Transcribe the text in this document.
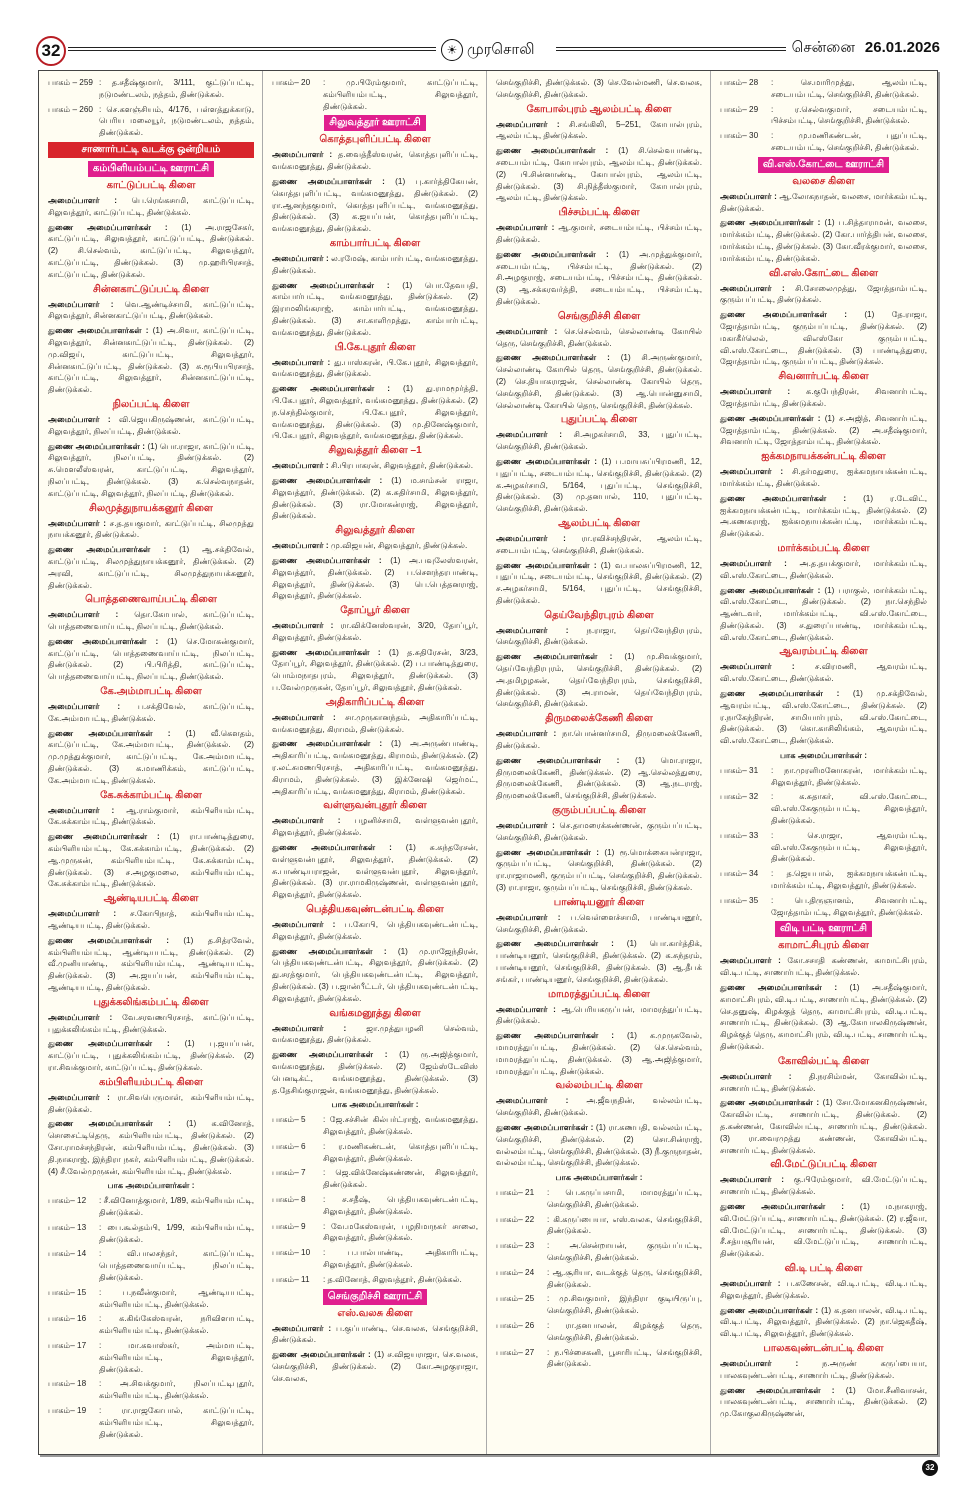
32	☀ முரசொலி	சென்னை 26.01.2026
பாகம் – 259 : த.சதீஷ்குமார், 3/111, குட்டுப்பட்டி, நடுமண்டலம், நத்தம், திண்டுக்கல்.
பாகம் – 260 : செ.களஞ்சியம், 4/176, பள்ளத்துக்காடு, பெரிய மலையூர், நடுமண்டலம், நத்தம், திண்டுக்கல்.
சாணார்பட்டி வடக்கு ஒன்றியம்
கம்பிளியம்பட்டி ஊராட்சி
காட்டுப்பட்டி கிளை
அமைப்பாளர் : பெ.ரெங்கசாமி, காட்டுப்பட்டி, சிலுவத்தூர், காட்டுப்பட்டி, திண்டுக்கல்.
துணை அமைப்பாளர்கள் : (1) அ.ராஜசேகர், காட்டுப்பட்டி, சிலுவத்தூர், காட்டுப்பட்டி, திண்டுக்கல். (2) சி.செல்வம், காட்டுப்பட்டி, சிலுவத்தூர், காட்டுப்பட்டி, திண்டுக்கல். (3) மு.ஹரிபிரசாத், காட்டுப்பட்டி, திண்டுக்கல்.
சின்னகாட்டுப்பட்டி கிளை
அமைப்பாளர் : வெ.ஆண்டிச்சாமி, காட்டுப்பட்டி, சிலுவத்தூர், சின்னகாட்டுப்பட்டி, திண்டுக்கல்.
துணை அமைப்பாளர்கள் : (1) அ.சிவா, காட்டுப்பட்டி, சிலுவத்தூர், சின்னகாட்டுப்பட்டி, திண்டுக்கல். (2) மு.விஜய், காட்டுப்பட்டி, சிலுவத்தூர், சின்னகாட்டுப்பட்டி, திண்டுக்கல். (3) சு.ரூபியபிரசாத், காட்டுப்பட்டி, சிலுவத்தூர், சின்னகாட்டுப்பட்டி, திண்டுக்கல்.
நிலப்பட்டி கிளை
அமைப்பாளர் : வி.ஜெயகிருஷ்ணன், காட்டுப்பட்டி, சிலுவத்தூர், நிலப்பட்டி, திண்டுக்கல்.
துணை அமைப்பாளர்கள் : (1) பொ.ராஜா, காட்டுப்பட்டி, சிலுவத்தூர், நிலப்பட்டி, திண்டுக்கல். (2) சு.மௌலீஸ்வரன், காட்டுப்பட்டி, சிலுவத்தூர், நிலப்பட்டி, திண்டுக்கல். (3) க.செல்வநாதன், காட்டுப்பட்டி, சிலுவத்தூர், நிலப்பட்டி, திண்டுக்கல்.
சிலமுத்துநாயக்கனூர் கிளை
அமைப்பாளர் : ச.த.தயகுமார், காட்டுப்பட்டி, சிலமுத்து நாயக்கனூர், திண்டுக்கல்.
துணை அமைப்பாளர்கள் : (1) ஆ.சக்திவேல், காட்டுப்பட்டி, சிலமுத்துநாயக்கனூர், திண்டுக்கல். (2) அரவி, காட்டுப்பட்டி, சிலமுத்துநாயக்கனூர், திண்டுக்கல்.
பொத்தணைவாய்பட்டி கிளை
அமைப்பாளர் : தொ.கோபால், காட்டுப்பட்டி, பொத்தணைவாய்பட்டி, நிலப்பட்டி, திண்டுக்கல்.
துணை அமைப்பாளர்கள் : (1) செ.மோகன்குமார், காட்டுப்பட்டி, பொத்தணைவாய்பட்டி, நிலப்பட்டி, திண்டுக்கல். (2) பி.பிரித்தி, காட்டுப்பட்டி, பொத்தணைவாய்பட்டி, நிலப்பட்டி, திண்டுக்கல்.
கே.அம்மாபட்டி கிளை
அமைப்பாளர் : ப.சக்திவேல், காட்டுப்பட்டி, கே.அம்மாபட்டி, திண்டுக்கல்.
துணை அமைப்பாளர்கள் : (1) வீ.கௌதம், காட்டுப்பட்டி, கே.அம்மாபட்டி, திண்டுக்கல். (2) மு.முத்துக்குமார், காட்டுப்பட்டி, கே.அம்மாபட்டி, திண்டுக்கல். (3) க.மாணிக்கம், காட்டுப்பட்டி, கே.அம்மாபட்டி, திண்டுக்கல்.
கே.சுக்காம்பட்டி கிளை
அமைப்பாளர் : ஆ.ராம்குமார், கம்பிளியம்பட்டி, கே.சுக்காம்பட்டி, திண்டுக்கல்.
துணை அமைப்பாளர்கள் : (1) ரா.பாண்டித்துரை, கம்பிளியம்பட்டி, கே.சுக்காம்பட்டி, திண்டுக்கல். (2) ஆ.முருகன், கம்பிளியம்பட்டி, கே.சுக்காம்பட்டி, திண்டுக்கல். (3) ச.அழகுமலை, கம்பிளியம்பட்டி, கே.சுக்காம்பட்டி, திண்டுக்கல்.
ஆண்டியபட்டி கிளை
அமைப்பாளர் : ச.கோபிநாத், கம்பிளியம்பட்டி, ஆண்டியபட்டி, திண்டுக்கல்.
துணை அமைப்பாளர்கள் : (1) த.சித்ரவேல், கம்பிளியம்பட்டி, ஆண்டியபட்டி, திண்டுக்கல். (2) வீ.முனியாண்டி, கம்பிளியம்பட்டி, ஆண்டியபட்டி, திண்டுக்கல். (3) அ.ஜயப்பன், கம்பிளியம்பட்டி, ஆண்டியபட்டி, திண்டுக்கல்.
புதுக்கலிங்கம்பட்டி கிளை
அமைப்பாளர் : வே.சரவணபிரசாத், காட்டுப்பட்டி, புதுக்கலிங்கம்பட்டி, திண்டுக்கல்.
துணை அமைப்பாளர்கள் : (1) பு.ஜயப்பன், காட்டுப்பட்டி, புதுக்கலிங்கம்பட்டி, திண்டுக்கல். (2) ரா.சிவக்குமார், காட்டுப்பட்டி, திண்டுக்கல்.
கம்பிளியம்பட்டி கிளை
அமைப்பாளர் : ரா.சிவபெருமாள், கம்பிளியம்பட்டி, திண்டுக்கல்.
துணை அமைப்பாளர்கள் : (1) க.வினோத், சொசைட்டிதெரு, கம்பிளியம்பட்டி, திண்டுக்கல். (2) சோ.ராமச்சந்திரன், கம்பிளியம்பட்டி, திண்டுக்கல். (3) தி.நாகராஜ், இந்திரா நகர், கம்பிளியம்பட்டி, திண்டுக்கல். (4) சீ.வேல்முருகன், கம்பிளியம்பட்டி, திண்டுக்கல்.
பாக அமைப்பாளர்கள் :
பாகம்– 12	: சீ.வினோத்குமார், 1/89, கம்பிளியம்பட்டி, திண்டுக்கல்.
பாகம்– 13	: பை.கூல்தம்பி, 1/99, கம்பிளியம்பட்டி, திண்டுக்கல்.
பாகம்– 14	: வி.பாலசந்தர், காட்டுப்பட்டி, பொத்தணைவாய்பட்டி, நிலப்பட்டி, திண்டுக்கல்.
பாகம்– 15	: ப.நவீன்குமார், ஆண்டியபட்டி, கம்பிளியம்பட்டி, திண்டுக்கல்.
பாகம்– 16	: க.கிங்கேஸ்வரன், நரிவிளாபட்டி, கம்பிளியம்பட்டி, திண்டுக்கல்.
பாகம்– 17	: மா.கவாஸ்கர், அம்மாபட்டி, கம்பிளியம்பட்டி, சிலுவத்தூர், திண்டுக்கல்.
பாகம்– 18	: அ.சிவக்குமார், நிலப்பட்டிபுதூர், கம்பிளியம்பட்டி, திண்டுக்கல்.
பாகம்– 19	: ரா.ராஜகோபால், காட்டுப்பட்டி, கம்பிளியம்பட்டி, சிலுவத்தூர், திண்டுக்கல்.
பாகம்– 20	: மு.பிரேம்குமார், காட்டுப்பட்டி, கம்பிளியம்பட்டி, சிலுவத்தூர், திண்டுக்கல்.
சிலுவத்தூர் ஊராட்சி
கொத்தபுளிப்பட்டி கிளை
அமைப்பாளர் : த.வைத்தீஸ்வரன், கொத்தபுளிப்பட்டி, வங்கமனூத்து, திண்டுக்கல்.
துணை அமைப்பாளர்கள் : (1) பு.கார்த்திகேயன், கொத்தபுளிப்பட்டி, வங்கமனூத்து, திண்டுக்கல். (2) ரா.ஆனந்தகுமார், கொத்தபுளிப்பட்டி, வங்கமனூத்து, திண்டுக்கல். (3) க.ஜயப்பன், கொத்தபுளிப்பட்டி, வங்கமனூத்து, திண்டுக்கல்.
காம்பார்பட்டி கிளை
அமைப்பாளர் : ல.ரமேஷ், காம்பார்பட்டி, வங்கமனூத்து, திண்டுக்கல்.
துணை அமைப்பாளர்கள் : (1) பொ.தேவபதி, காம்பார்பட்டி, வங்கமனூத்து, திண்டுக்கல். (2) இராமலிங்கராஜ், காம்பார்பட்டி, வங்கமனூத்து, திண்டுக்கல். (3) சா.காளிமுத்து, காம்பார்பட்டி, வங்கமனூத்து, திண்டுக்கல்.
பி.கே.புதூர் கிளை
அமைப்பாளர் : து.பாஸ்கரன், பி.கே.புதூர், சிலுவத்தூர், வங்கமனூத்து, திண்டுக்கல்.
துணை அமைப்பாளர்கள் : (1) து.ராமமூர்த்தி, பி.கே.புதூர், சிலுவத்தூர், வங்கமனூத்து, திண்டுக்கல். (2) ந.செந்தில்குமார், பி.கே.புதூர், சிலுவத்தூர், வங்கமனூத்து, திண்டுக்கல். (3) மு.தினேஷ்குமார், பி.கே.புதூர், சிலுவத்தூர், வங்கமனூத்து, திண்டுக்கல்.
சிலுவத்தூர் கிளை –1
அமைப்பாளர் : சி.பிரபாகரன், சிலுவத்தூர், திண்டுக்கல்.
துணை அமைப்பாளர்கள் : (1) ம.சாம்சன் ராஜா, சிலுவத்தூர், திண்டுக்கல். (2) க.சுதிர்சாமி, சிலுவத்தூர், திண்டுக்கல். (3) ரா.மோகன்ராஜ், சிலுவத்தூர், திண்டுக்கல்.
சிலுவத்தூர் கிளை
அமைப்பாளர் : மு.விஜயன், சிலுவத்தூர், திண்டுக்கல்.
துணை அமைப்பாளர்கள் : (1) அ.பவுலேஸ்வரன், சிலுவத்தூர், திண்டுக்கல். (2) ப.சௌந்தரபாண்டி, சிலுவத்தூர், திண்டுக்கல். (3) பெ.பெத்தனராஜ், சிலுவத்தூர், திண்டுக்கல்.
தோப்பூர் கிளை
அமைப்பாளர் : ரா.விக்னேஸ்வரன், 3/20, தோப்பூர், சிலுவத்தூர், திண்டுக்கல்.
துணை அமைப்பாளர்கள் : (1) த.சுதிரேசன், 3/23, தோப்பூர், சிலுவத்தூர், திண்டுக்கல். (2) ப.பாண்டித்துரை, பொம்மநாதபுரம், சிலுவத்தூர், திண்டுக்கல். (3) ப.வேல்முருகன், தோப்பூர், சிலுவத்தூர், திண்டுக்கல்.
அதிகாரிப்பட்டி கிளை
அமைப்பாளர் : சா.முருகானந்தம், அதிகாரிப்பட்டி, வங்கமனூத்து, கிராமம், திண்டுக்கல்.
துணை அமைப்பாளர்கள் : (1) அ.அருண்பாண்டி, அதிகாரிப்பட்டி, வங்கமனூத்து, கிராமம், திண்டுக்கல். (2) ர.லட்சுமணபிரசாத், அதிகாரிப்பட்டி, வங்கமனூத்து, கிராமம், திண்டுக்கல். (3) இக்னேஷி ஜெர்மட், அதிகாரிப்பட்டி, வங்கமனூத்து, கிராமம், திண்டுக்கல்.
வள்ளுவன்புதூர் கிளை
அமைப்பாளர் : பழனிச்சாமி, வள்ளுவன்புதூர், சிலுவத்தூர், திண்டுக்கல்.
துணை அமைப்பாளர்கள் : (1) சு.சுந்தரேசன், வள்ளுவன்புதூர், சிலுவத்தூர், திண்டுக்கல். (2) சு.பாண்டியராஜன், வள்ளுவன்புதூர், சிலுவத்தூர், திண்டுக்கல். (3) ரா.ராமகிருஷ்ணன், வள்ளுவன்புதூர், சிலுவத்தூர், திண்டுக்கல்.
பெத்தியகவுண்டன்பட்டி கிளை
அமைப்பாளர் : ப.கோபி, பெத்தியகவுண்டன்பட்டி, சிலுவத்தூர், திண்டுக்கல்.
துணை அமைப்பாளர்கள் : (1) மு.ராஜேந்திரன், பெத்தியகவுண்டன்பட்டி, சிலுவத்தூர், திண்டுக்கல். (2) து.சரத்குமார், பெத்தியகவுண்டன்பட்டி, சிலுவத்தூர், திண்டுக்கல். (3) ப.ஜான்பீட்டர், பெத்தியகவுண்டன்பட்டி, சிலுவத்தூர், திண்டுக்கல்.
வங்கமனூத்து கிளை
அமைப்பாளர் : ஜா.முத்துபழனி செல்வம், வங்கமனூத்து, திண்டுக்கல்.
துணை அமைப்பாளர்கள் : (1) ரு.அஜித்குமார், வங்கமனூத்து, திண்டுக்கல். (2) ஜேம்ஸ்டேவிஸ் பெனடிக்ட், வங்கமனூத்து, திண்டுக்கல். (3) த.தேசிங்குராஜன், வங்கமனூத்து, திண்டுக்கல்.
பாக அமைப்பாளர்கள் :
பாகம்– 5	: ஜே.சச்சின் கில்பர்ட்ராஜ், வங்கமனூத்து, சிலுவத்தூர், திண்டுக்கல்.
பாகம்– 6	: ர.மணிகண்டன், கொத்தபுளிப்பட்டி, சிலுவத்தூர், திண்டுக்கல்.
பாகம்– 7	: ஜெ.விக்னேஷ்கண்ணன், சிலுவத்தூர், திண்டுக்கல்.
பாகம்– 8	: ச.சதீஷ், பெத்தியகவுண்டன்பட்டி, சிலுவத்தூர், திண்டுக்கல்.
பாகம்– 9	: வே.மகேஸ்வரன், பழநிமாநகர் சாலை, சிலுவத்தூர், திண்டுக்கல்.
பாகம்– 10	: ப.பால்பாண்டி, அதிகாரிபட்டி, சிலுவத்தூர், திண்டுக்கல்.
பாகம்– 11	: த.வினோத், சிலுவத்தூர், திண்டுக்கல்.
செங்குறிச்சி ஊராட்சி
எஸ்.வலசு கிளை
அமைப்பாளர் : ப.குப்பாண்டி, செ.வலசு, செங்குறிச்சி, திண்டுக்கல்.
துணை அமைப்பாளர்கள் : (1) ச.விஜயராஜா, செ.வலசு, செங்குறிச்சி, திண்டுக்கல். (2) கோ.அழகுராஜா, செ.வலசு,
செங்குறிச்சி, திண்டுக்கல். (3) செ.வேல்மணி, செ.வலசு, செங்குறிச்சி, திண்டுக்கல்.
கோபால்புரம் ஆலம்பட்டி கிளை
அமைப்பாளர் : சி.சங்கிலி, 5–251, கோபால்புரம், ஆலம்பட்டி, திண்டுக்கல்.
துணை அமைப்பாளர்கள் : (1) சி.செல்வபாண்டி, சடையம்பட்டி, கோபால்புரம், ஆலம்பட்டி, திண்டுக்கல். (2) பி.சின்னாண்டி, கோபால்புரம், ஆலம்பட்டி, திண்டுக்கல். (3) சி.நித்தீஸ்குமார், கோபால்புரம், ஆலம்பட்டி, திண்டுக்கல்.
பிச்சம்பட்டி கிளை
அமைப்பாளர் : ஆ.குமார், சடையம்பட்டி, பிச்சம்பட்டி, திண்டுக்கல்.
துணை அமைப்பாளர்கள் : (1) அ.முத்துக்குமார், சடையம்பட்டி, பிச்சம்பட்டி, திண்டுக்கல். (2) சி.அழகுராஜ், சடையம்பட்டி, பிச்சம்பட்டி, திண்டுக்கல். (3) ஆ.சக்கரவர்த்தி, சடையம்பட்டி, பிச்சம்பட்டி, திண்டுக்கல்.
செங்குறிச்சி கிளை
அமைப்பாளர் : செ.செல்வம், செல்லாண்டி கோயில் தெரு, செங்குறிச்சி, திண்டுக்கல்.
துணை அமைப்பாளர்கள் : (1) சி.அருண்குமார், செல்லாண்டி கோயில் தெரு, செங்குறிச்சி, திண்டுக்கல். (2) செ.தியாகராஜன், செல்லாண்டி கோயில் தெரு, செங்குறிச்சி, திண்டுக்கல். (3) ஆ.பொன்னுசாமி, செல்லாண்டி கோயில் தெரு, செங்குறிச்சி, திண்டுக்கல்.
புதுப்பட்டி கிளை
அமைப்பாளர் : சி.அழகர்சாமி, 33, புதுப்பட்டி, செங்குறிச்சி, திண்டுக்கல்.
துணை அமைப்பாளர்கள் : (1) ப.மாயசுப்பிரமணி, 12, புதுப்பட்டி, சடையம்பட்டி, செங்குறிச்சி, திண்டுக்கல். (2) க.அழகர்சாமி, 5/164, புதுப்பட்டி, செங்குறிச்சி, திண்டுக்கல். (3) மு.தனபால், 110, புதுப்பட்டி, செங்குறிச்சி, திண்டுக்கல்.
ஆலம்பட்டி கிளை
அமைப்பாளர் : ரா.ரவிச்சந்திரன், ஆலம்பட்டி, சடையம்பட்டி, செங்குறிச்சி, திண்டுக்கல்.
துணை அமைப்பாளர்கள் : (1) வ.பாலசுப்பிரமணி, 12, புதுப்பட்டி, சடையம்பட்டி, செங்குறிச்சி, திண்டுக்கல். (2) ச.அழகர்சாமி, 5/164, புதுப்பட்டி, செங்குறிச்சி, திண்டுக்கல்.
தெய்வேந்திரபுரம் கிளை
அமைப்பாளர் : ந.ராஜா, தெய்வேந்திரபுரம், செங்குறிச்சி, திண்டுக்கல்.
துணை அமைப்பாளர்கள் : (1) மு.சிவக்குமார், தெய்வேந்திரபுரம், செங்குறிச்சி, திண்டுக்கல். (2) அ.தமிழழகன், தெய்வேந்திரபுரம், செங்குறிச்சி, திண்டுக்கல். (3) அ.ராமன், தெய்வேந்திரபுரம், செங்குறிச்சி, திண்டுக்கல்.
திருமலைக்கேணி கிளை
அமைப்பாளர் : நா.பொன்னர்சாமி, திருமலைக்கேணி, திண்டுக்கல்.
துணை அமைப்பாளர்கள் : (1) மொ.ராஜா, திருமலைக்கேணி, திண்டுக்கல். (2) ஆ.செல்லத்துரை, திருமலைக்கேணி, திண்டுக்கல். (3) ஆ.நடராஜ், திருமலைக்கேணி, செங்குறிச்சி, திண்டுக்கல்.
குரும்பப்பட்டி கிளை
அமைப்பாளர் : செ.தாமரைக்கண்ணன், குரும்பப்பட்டி, செங்குறிச்சி, திண்டுக்கல்.
துணை அமைப்பாளர்கள் : (1) ரூ.மொக்கையன்ராஜா, குரும்பப்பட்டி, செங்குறிச்சி, திண்டுக்கல். (2) ரா.ராஜாமணி, குரும்பப்பட்டி, செங்குறிச்சி, திண்டுக்கல். (3) ரா.ராஜா, குரும்பப்பட்டி, செங்குறிச்சி, திண்டுக்கல்.
பாண்டியனூர் கிளை
அமைப்பாளர் : ப.வெள்ளைச்சாமி, பாண்டியனூர், செங்குறிச்சி, திண்டுக்கல்.
துணை அமைப்பாளர்கள் : (1) பொ.கார்த்திக், பாண்டியனூர், செங்குறிச்சி, திண்டுக்கல். (2) க.சுந்தரம், பாண்டியனூர், செங்குறிச்சி, திண்டுக்கல். (3) ஆ.தீபக் சங்கர், பாண்டியனூர், செங்குறிச்சி, திண்டுக்கல்.
மாமரத்துப்பட்டி கிளை
அமைப்பாளர் : ஆ.பெரியகருப்பன், மாமரத்துப்பட்டி, திண்டுக்கல்.
துணை அமைப்பாளர்கள் : (1) க.முருகவேல், மாமரத்துப்பட்டி, திண்டுக்கல். (2) செ.செல்வம், மாமரத்துப்பட்டி, திண்டுக்கல். (3) ஆ.அஜித்குமார், மாமரத்துப்பட்டி, திண்டுக்கல்.
வல்லம்பட்டி கிளை
அமைப்பாளர் : அ.ஜீவநதின், வல்லம்பட்டி, செங்குறிச்சி, திண்டுக்கல்.
துணை அமைப்பாளர்கள் : (1) ரா.கணபதி, வல்லம்பட்டி, செங்குறிச்சி, திண்டுக்கல். (2) சொ.சின்ராஜ், வல்லம்பட்டி, செங்குறிச்சி, திண்டுக்கல். (3) நீ.குருநாதன், வல்லம்பட்டி, செங்குறிச்சி, திண்டுக்கல்.
பாக அமைப்பாளர்கள் :
பாகம்– 21	: பெ.கருப்பசாமி, மாமரத்துப்பட்டி, செங்குறிச்சி, திண்டுக்கல்.
பாகம்– 22	: கி.கருப்பையா, எஸ்.வலசு, செங்குறிச்சி, திண்டுக்கல்.
பாகம்– 23	: அ.சென்றாயன், குரும்பப்பட்டி, செங்குறிச்சி, திண்டுக்கல்.
பாகம்– 24	: ஆ.சூரியா, வடக்குத் தெரு, செங்குறிச்சி, திண்டுக்கல்.
பாகம்– 25	: மு.சிவகுமார், இந்திரா குடியிருப்பு, செங்குறிச்சி, திண்டுக்கல்.
பாகம்– 26	: ரா.தனபாலன், கிழக்குத் தெரு, செங்குறிச்சி, திண்டுக்கல்.
பாகம்– 27	: ந.பிச்சைகனி, பூசாரிபட்டி, செங்குறிச்சி, திண்டுக்கல்.
பாகம்– 28	: செ.மாரிமுத்து, ஆலம்பட்டி, சடையம்பட்டி, செங்குறிச்சி, திண்டுக்கல்.
பாகம்– 29	: ர.செல்வகுமார், சடையம்பட்டி, பிச்சம்பட்டி, செங்குறிச்சி, திண்டுக்கல்.
பாகம்– 30	: மு.மணிகண்டன், புதுப்பட்டி, சடையம்பட்டி, செங்குறிச்சி, திண்டுக்கல்.
வி.எஸ்.கோட்டை ஊராட்சி
வலசை கிளை
அமைப்பாளர் : ஆ.லோகநாதன், வலசை, மார்க்கம்பட்டி, திண்டுக்கல்.
துணை அமைப்பாளர்கள் : (1) ப.சித்தாராமன், வலசை, மார்க்கம்பட்டி, திண்டுக்கல். (2) கோ.பார்த்திபன், வலசை, மார்க்கம்பட்டி, திண்டுக்கல். (3) கோ.வீரக்குமார், வலசை, மார்க்கம்பட்டி, திண்டுக்கல்.
வி.எஸ்.கோட்டை கிளை
அமைப்பாளர் : சி.சோலைமுத்து, ஜோத்தாம்பட்டி, குரும்பப்பட்டி, திண்டுக்கல்.
துணை அமைப்பாளர்கள் : (1) தே.ராஜா, ஜோத்தாம்பட்டி, குரும்பப்பட்டி, திண்டுக்கல். (2) மகாகீர்லெல், விஎஸ்கோ குரும்பபட்டி, வி.எஸ்.கோட்டை, திண்டுக்கல். (3) பாண்டித்துரை, ஜோத்தாம்பட்டி, குரும்பப்பட்டி, திண்டுக்கல்.
சிவனார்பட்டி கிளை
அமைப்பாளர் : க.குபேந்திரன், சிவனார்பட்டி, ஜோத்தாம்பட்டி, திண்டுக்கல்.
துணை அமைப்பாளர்கள் : (1) ச.அஜித், சிவனார்பட்டி, ஜோத்தாம்பட்டி, திண்டுக்கல். (2) அ.சதீஷ்குமார், சிவனார்பட்டி, ஜோத்தாம்பட்டி, திண்டுக்கல்.
ஐக்கமநாயக்கன்பட்டி கிளை
அமைப்பாளர் : சி.தர்மதுரை, ஐக்கமநாயக்கன்பட்டி, மார்க்கம்பட்டி, திண்டுக்கல்.
துணை அமைப்பாளர்கள் : (1) ர.டேவிட், ஐக்கமநாயக்கன்பட்டி, மார்க்கம்பட்டி, திண்டுக்கல். (2) அ.கணகராஜ், ஐக்கமநாயக்கன்பட்டி, மார்க்கம்பட்டி, திண்டுக்கல்.
மார்க்கம்பட்டி கிளை
அமைப்பாளர் : அ.த.தயக்குமார், மார்க்கம்பட்டி, வி.எஸ்.கோட்டை, திண்டுக்கல்.
துணை அமைப்பாளர்கள் : (1) பராகுல், மார்க்கம்பட்டி, வி.எஸ்.கோட்டை, திண்டுக்கல். (2) நா.செந்தில் ஆண்டவர், மார்க்கம்பட்டி, வி.எஸ்.கோட்டை, திண்டுக்கல். (3) ச.துரைப்பாண்டி, மார்க்கம்பட்டி, வி.எஸ்.கோட்டை, திண்டுக்கல்.
ஆவரம்பட்டி கிளை
அமைப்பாளர் : ச.விரமணி, ஆவரம்பட்டி, வி.எஸ்.கோட்டை, திண்டுக்கல்.
துணை அமைப்பாளர்கள் : (1) மு.சக்திவேல், ஆவரம்பட்டி, வி.எஸ்.கோட்டை, திண்டுக்கல். (2) ர.நாகேந்திரன், சாமியார்புரம், வி.எஸ்.கோட்டை, திண்டுக்கல். (3) கொ.காசிலிங்கம், ஆவரம்பட்டி, வி.எஸ்.கோட்டை, திண்டுக்கல்.
பாக அமைப்பாளர்கள் :
பாகம்– 31	: நா.முரளிமனோகரன், மார்க்கம்பட்டி, சிலுவத்தூர், திண்டுக்கல்.
பாகம்– 32	: க.சுதாகர், வி.எஸ்.கோட்டை, வி.எஸ்.கேகுரும்பபட்டி, சிலுவத்தூர், திண்டுக்கல்.
பாகம்– 33	: செ.ராஜா, ஆவரம்பட்டி, வி.எஸ்.கேகுரும்பபட்டி, சிலுவத்தூர், திண்டுக்கல்.
பாகம்– 34	: த.ஜெயபால், ஐக்கமநாயக்கன்பட்டி, மார்க்கம்பட்டி, சிலுவத்தூர், திண்டுக்கல்.
பாகம்– 35	: பெ.திருஞானம், சிவனார்பட்டி, ஜோத்தாம்பட்டி, சிலுவத்தூர், திண்டுக்கல்.
விடி பட்டி ஊராட்சி
காமாட்சிபுரம் கிளை
அமைப்பாளர் : கோ.சசாதி கண்ணன், காமாட்சிபுரம், வி.டி.பட்டி, சாணார்பட்டி, திண்டுக்கல்.
துணை அமைப்பாளர்கள் : (1) அ.சதீஷ்குமார், காமாட்சிபுரம், வி.டி.பட்டி, சாணார்பட்டி, திண்டுக்கல். (2) செ.தனுஷ், கிழக்குத் தெரு, காமாட்சிபுரம், வி.டி.பட்டி, சாணார்பட்டி, திண்டுக்கல். (3) ஆ.கோபாலகிருஷ்ணன், கிழக்குத் தெரு, காமாட்சிபுரம், வி.டி.பட்டி, சாணார்பட்டி, திண்டுக்கல்.
கோவில்பட்டி கிளை
அமைப்பாளர் : தி.நரசிம்மன், கோவில்பட்டி, சாணார்பட்டி, திண்டுக்கல்.
துணை அமைப்பாளர்கள் : (1) சோ.மோகனகிருஷ்ணன், கோவில்பட்டி, சாணார்பட்டி, திண்டுக்கல். (2) த.கண்ணன், கோவில்பட்டி, சாணார்பட்டி, திண்டுக்கல். (3) ரா.வைரமுத்து கண்ணன், கோவில்பட்டி, சாணார்பட்டி, திண்டுக்கல்.
வி.மேட்டுப்பட்டி கிளை
அமைப்பாளர் : கு.பிரேம்குமார், வி.மேட்டுப்பட்டி, சாணார்பட்டி, திண்டுக்கல்.
துணை அமைப்பாளர்கள் : (1) ம.நாகராஜ், வி.மேட்டுப்பட்டி, சாணார்பட்டி, திண்டுக்கல். (2) ர.ஜீவா, வி.மேட்டுப்பட்டி, சாணார்பட்டி, திண்டுக்கல். (3) சீ.சத்யசூரியன், வி.மேட்டுப்பட்டி, சாணார்பட்டி, திண்டுக்கல்.
வி.டி பட்டி கிளை
அமைப்பாளர் : ப.கணேசன், வி.டி.பட்டி, வி.டி.பட்டி, சிலுவத்தூர், திண்டுக்கல்.
துணை அமைப்பாளர்கள் : (1) க.தனபாலன், வி.டி.பட்டி, வி.டி.பட்டி, சிலுவத்தூர், திண்டுக்கல். (2) நா.ஜெகதீஷ், வி.டி.பட்டி, சிலுவத்தூர், திண்டுக்கல்.
பாலகவுண்டன்பட்டி கிளை
அமைப்பாளர் :	ந.அருண் கருப்பையா, பாலகவுண்டன்பட்டி, சாணார்பட்டி, திண்டுக்கல்.
துணை அமைப்பாளர்கள் : (1) மோ.சீனிவாசன், பாலகவுண்டன்பட்டி, சாணார்பட்டி, திண்டுக்கல். (2) மு.கோகுலகிருஷ்ணன்,
32
